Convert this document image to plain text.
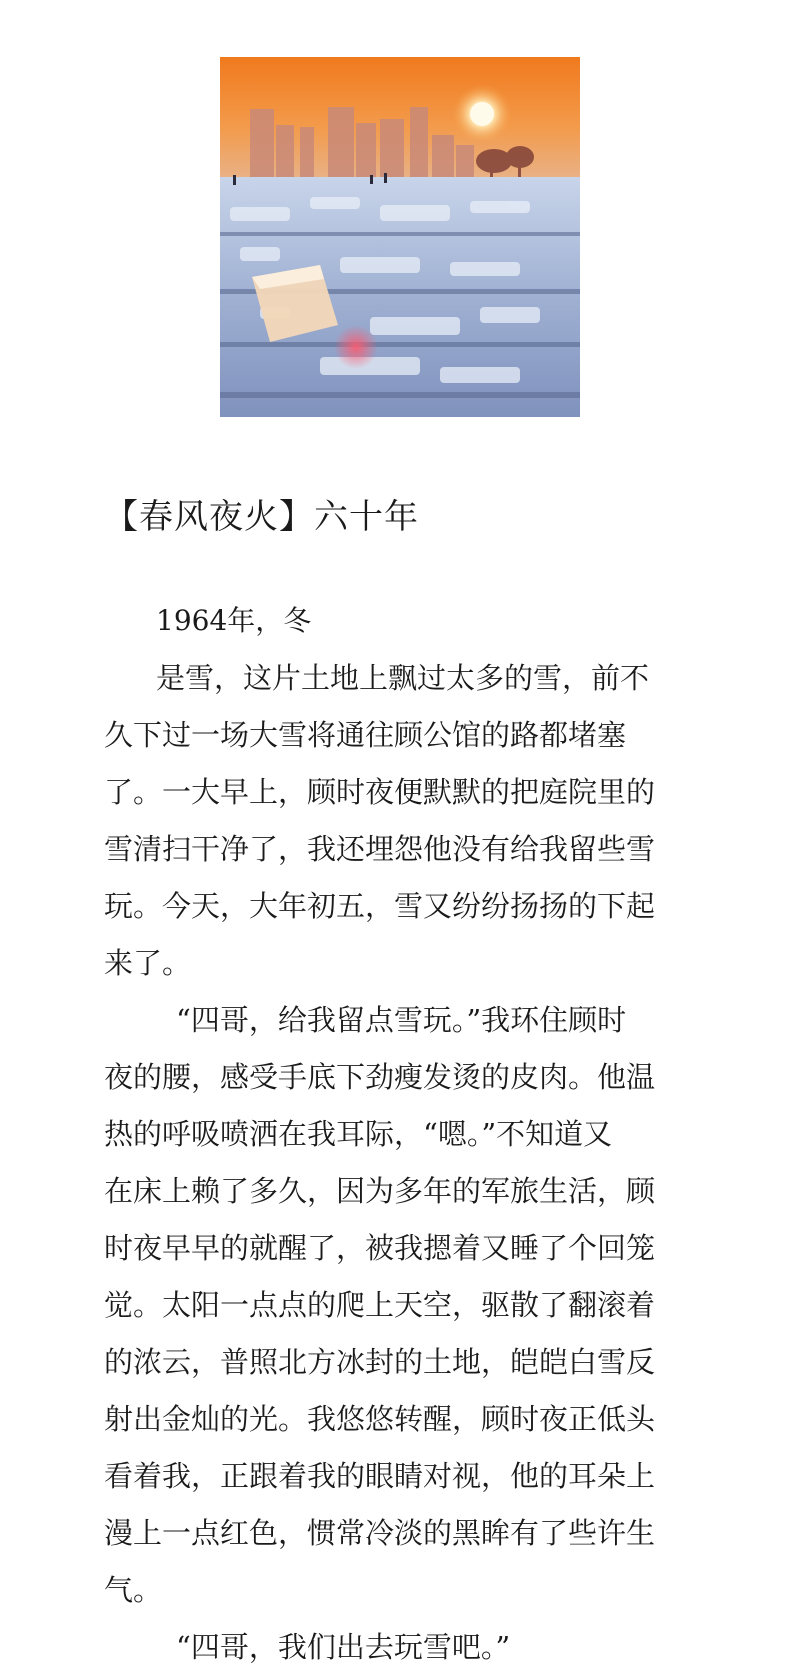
【春风夜火】六十年
1964年，冬
是雪，这片土地上飘过太多的雪，前不
久下过一场大雪将通往顾公馆的路都堵塞
了。一大早上，顾时夜便默默的把庭院里的
雪清扫干净了，我还埋怨他没有给我留些雪
玩。今天，大年初五，雪又纷纷扬扬的下起
来了。
“四哥，给我留点雪玩。”我环住顾时
夜的腰，感受手底下劲瘦发烫的皮肉。他温
热的呼吸喷洒在我耳际，“嗯。”不知道又
在床上赖了多久，因为多年的军旅生活，顾
时夜早早的就醒了，被我摁着又睡了个回笼
觉。太阳一点点的爬上天空，驱散了翻滚着
的浓云，普照北方冰封的土地，皑皑白雪反
射出金灿的光。我悠悠转醒，顾时夜正低头
看着我，正跟着我的眼睛对视，他的耳朵上
漫上一点红色，惯常冷淡的黑眸有了些许生
气。
“四哥，我们出去玩雪吧。”
